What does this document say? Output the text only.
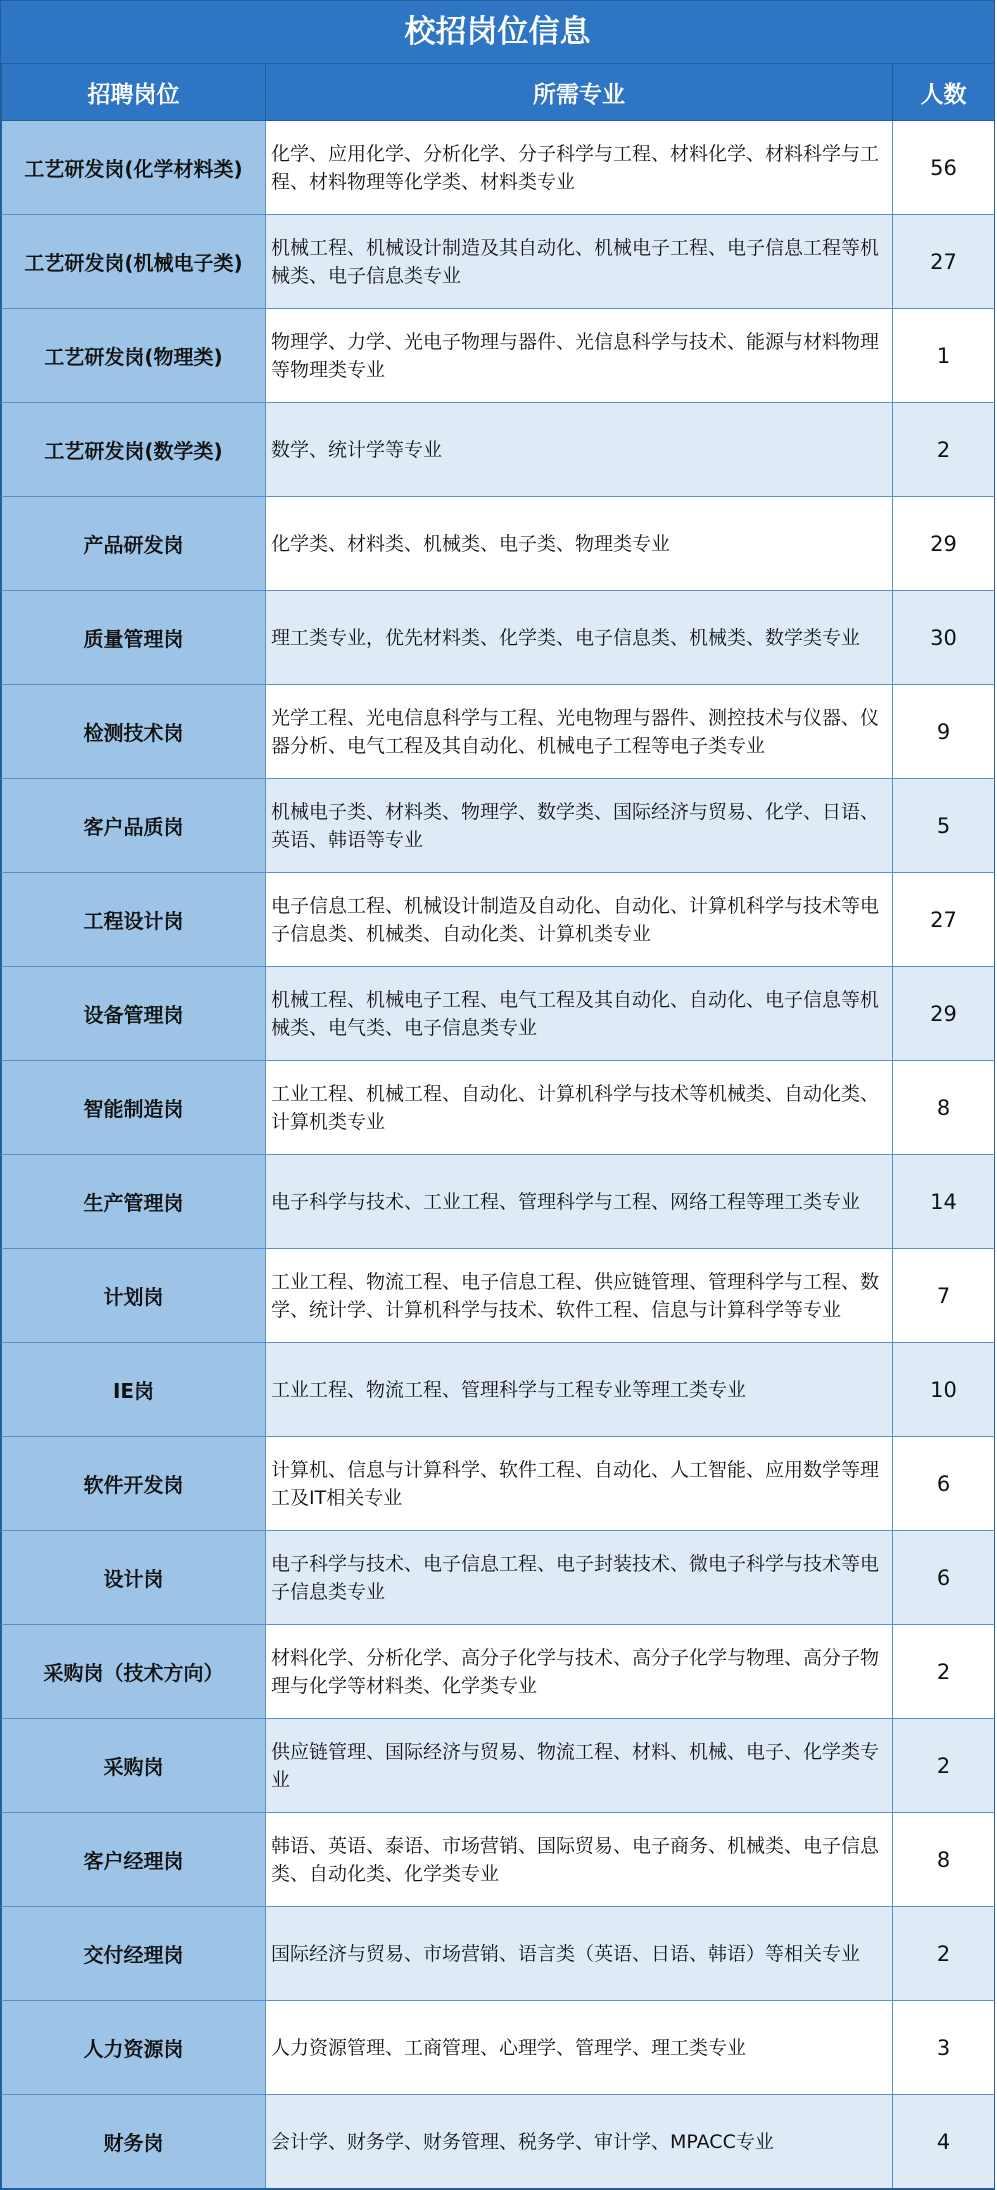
校招岗位信息
招聘岗位	所需专业	人数
工艺研发岗(化学材料类)	化学、应用化学、分析化学、分子科学与工程、材料化学、材料科学与工程、材料物理等化学类、材料类专业	56
工艺研发岗(机械电子类)	机械工程、机械设计制造及其自动化、机械电子工程、电子信息工程等机械类、电子信息类专业	27
工艺研发岗(物理类)	物理学、力学、光电子物理与器件、光信息科学与技术、能源与材料物理等物理类专业	1
工艺研发岗(数学类)	数学、统计学等专业	2
产品研发岗	化学类、材料类、机械类、电子类、物理类专业	29
质量管理岗	理工类专业，优先材料类、化学类、电子信息类、机械类、数学类专业	30
检测技术岗	光学工程、光电信息科学与工程、光电物理与器件、测控技术与仪器、仪器分析、电气工程及其自动化、机械电子工程等电子类专业	9
客户品质岗	机械电子类、材料类、物理学、数学类、国际经济与贸易、化学、日语、英语、韩语等专业	5
工程设计岗	电子信息工程、机械设计制造及自动化、自动化、计算机科学与技术等电子信息类、机械类、自动化类、计算机类专业	27
设备管理岗	机械工程、机械电子工程、电气工程及其自动化、自动化、电子信息等机械类、电气类、电子信息类专业	29
智能制造岗	工业工程、机械工程、自动化、计算机科学与技术等机械类、自动化类、计算机类专业	8
生产管理岗	电子科学与技术、工业工程、管理科学与工程、网络工程等理工类专业	14
计划岗	工业工程、物流工程、电子信息工程、供应链管理、管理科学与工程、数学、统计学、计算机科学与技术、软件工程、信息与计算科学等专业	7
IE岗	工业工程、物流工程、管理科学与工程专业等理工类专业	10
软件开发岗	计算机、信息与计算科学、软件工程、自动化、人工智能、应用数学等理工及IT相关专业	6
设计岗	电子科学与技术、电子信息工程、电子封装技术、微电子科学与技术等电子信息类专业	6
采购岗（技术方向）	材料化学、分析化学、高分子化学与技术、高分子化学与物理、高分子物理与化学等材料类、化学类专业	2
采购岗	供应链管理、国际经济与贸易、物流工程、材料、机械、电子、化学类专业	2
客户经理岗	韩语、英语、泰语、市场营销、国际贸易、电子商务、机械类、电子信息类、自动化类、化学类专业	8
交付经理岗	国际经济与贸易、市场营销、语言类（英语、日语、韩语）等相关专业	2
人力资源岗	人力资源管理、工商管理、心理学、管理学、理工类专业	3
财务岗	会计学、财务学、财务管理、税务学、审计学、MPACC专业	4
